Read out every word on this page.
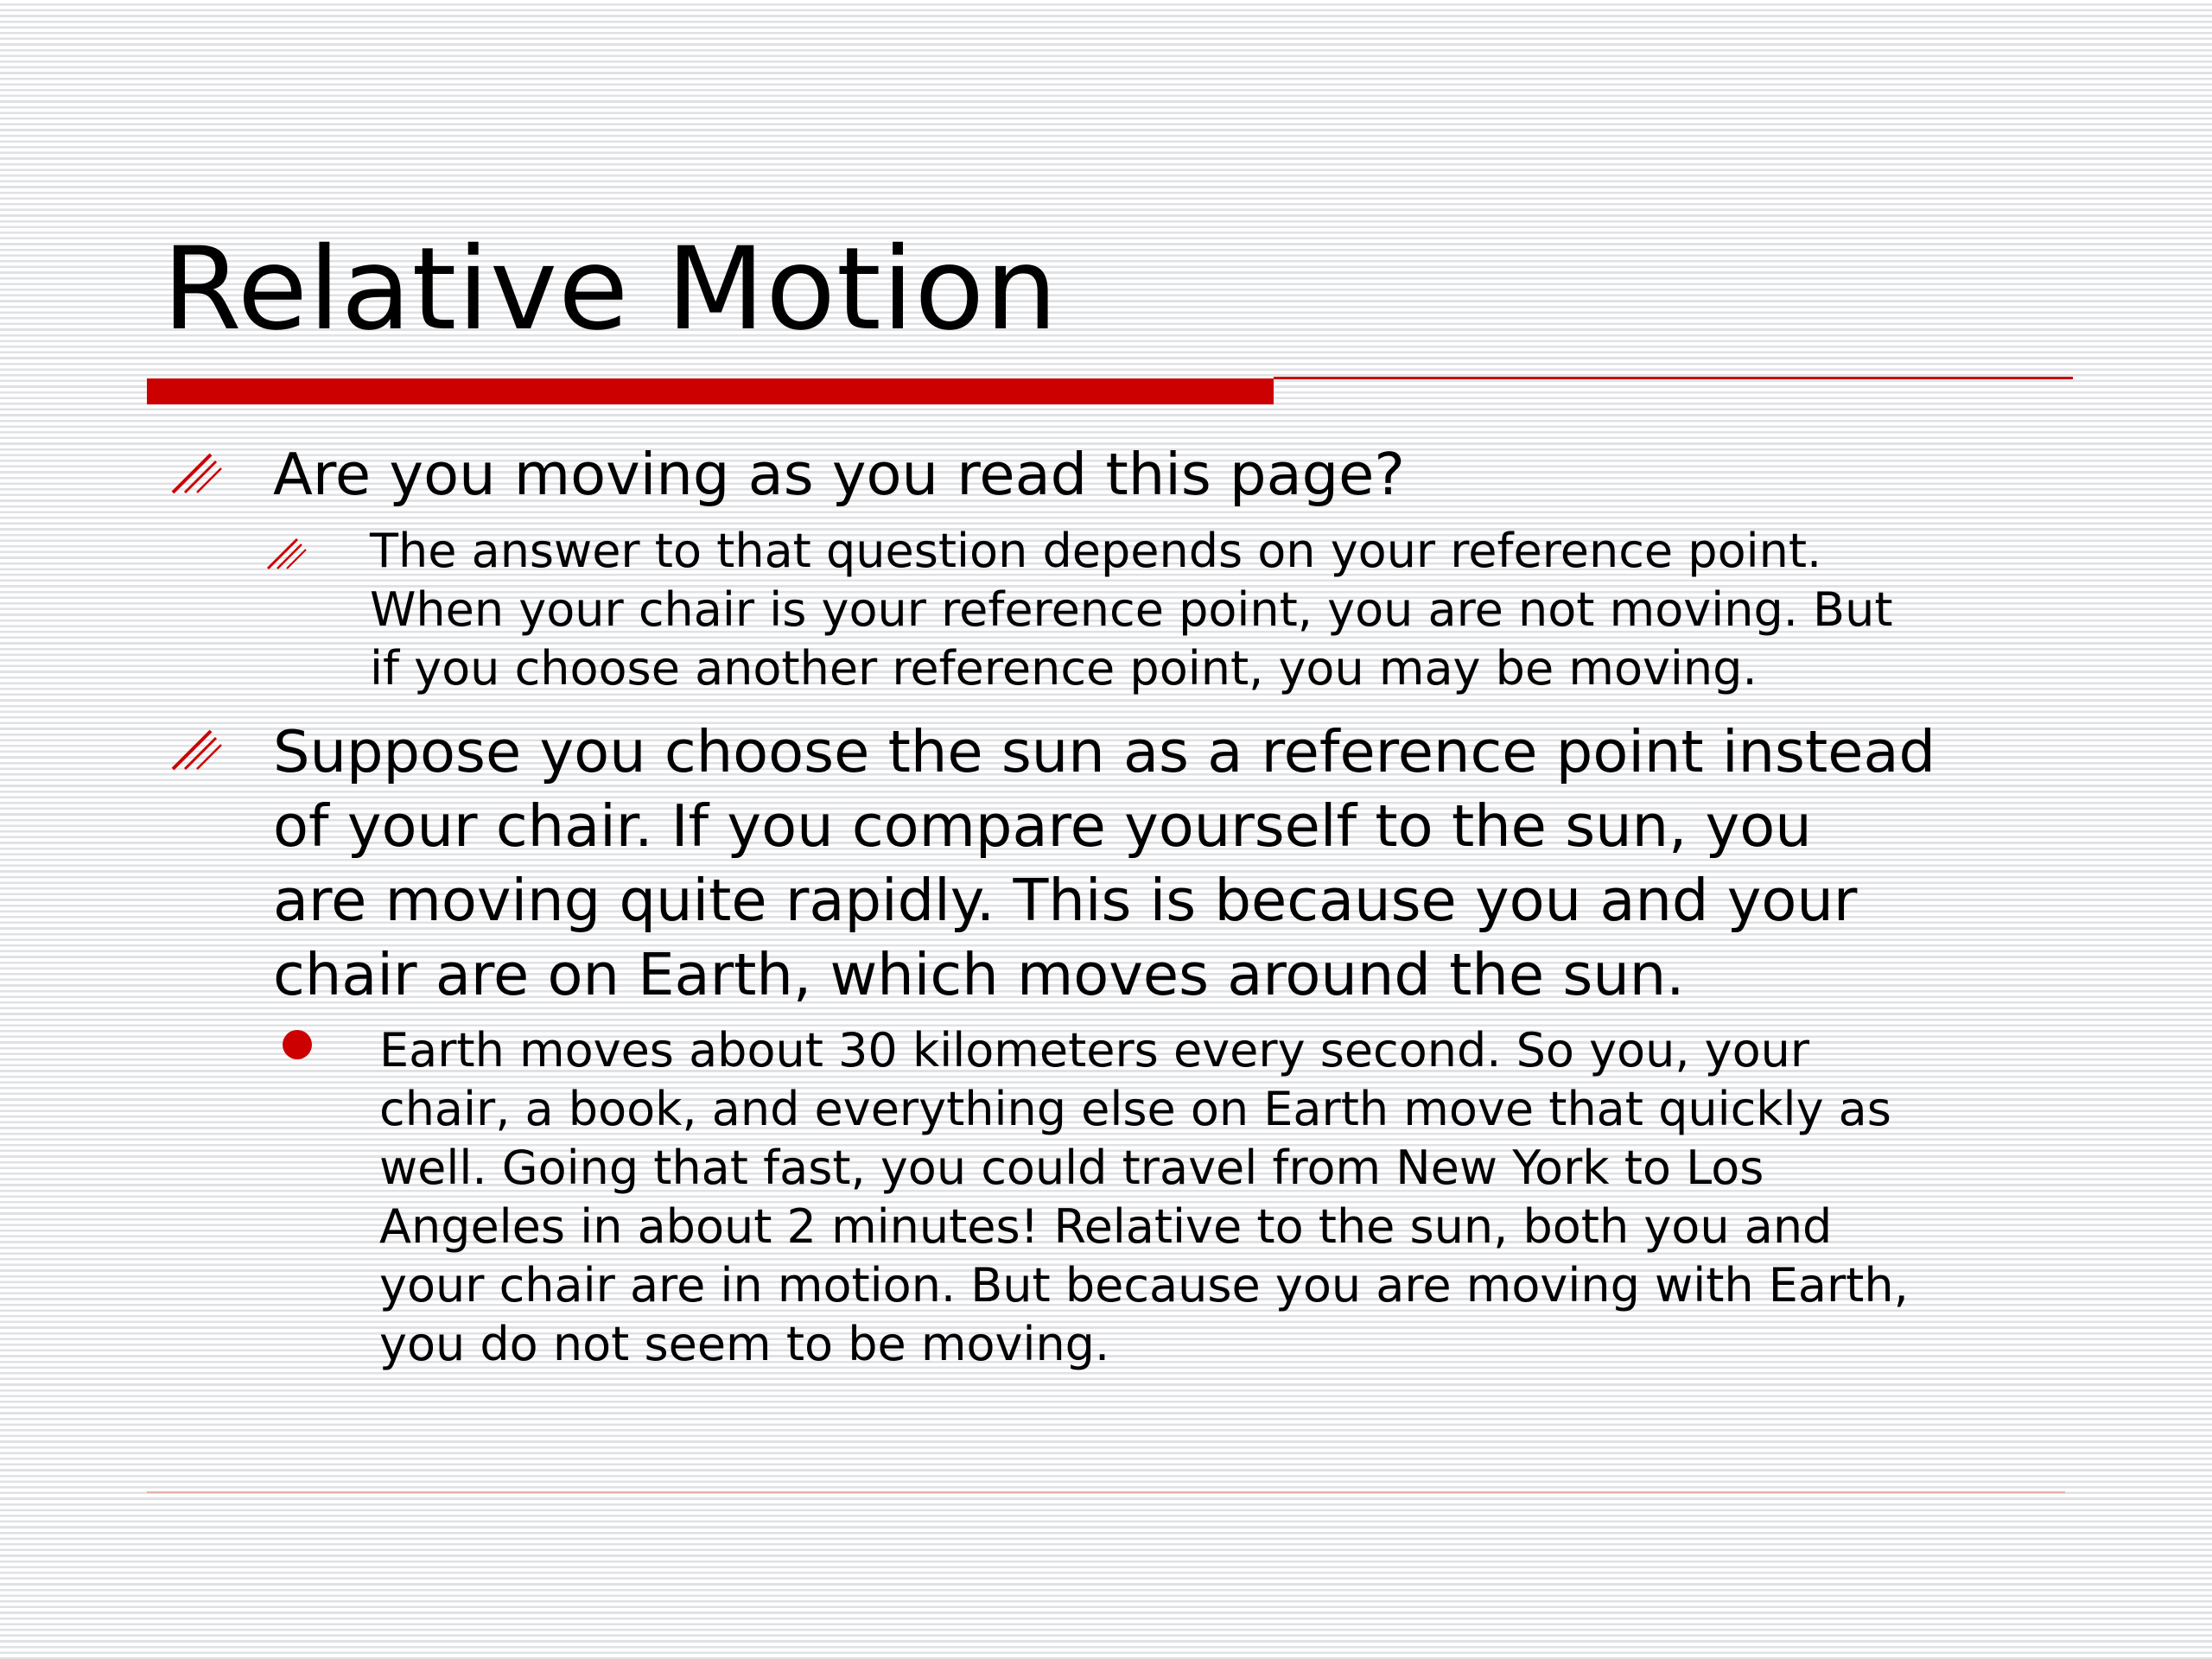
Relative Motion

Are you moving as you read this page?

The answer to that question depends on your reference point.
When your chair is your reference point, you are not moving. But
if you choose another reference point, you may be moving.

Suppose you choose the sun as a reference point instead
of your chair. If you compare yourself to the sun, you
are moving quite rapidly. This is because you and your
chair are on Earth, which moves around the sun.

Earth moves about 30 kilometers every second. So you, your
chair, a book, and everything else on Earth move that quickly as
well. Going that fast, you could travel from New York to Los
Angeles in about 2 minutes! Relative to the sun, both you and
your chair are in motion. But because you are moving with Earth,
you do not seem to be moving.
